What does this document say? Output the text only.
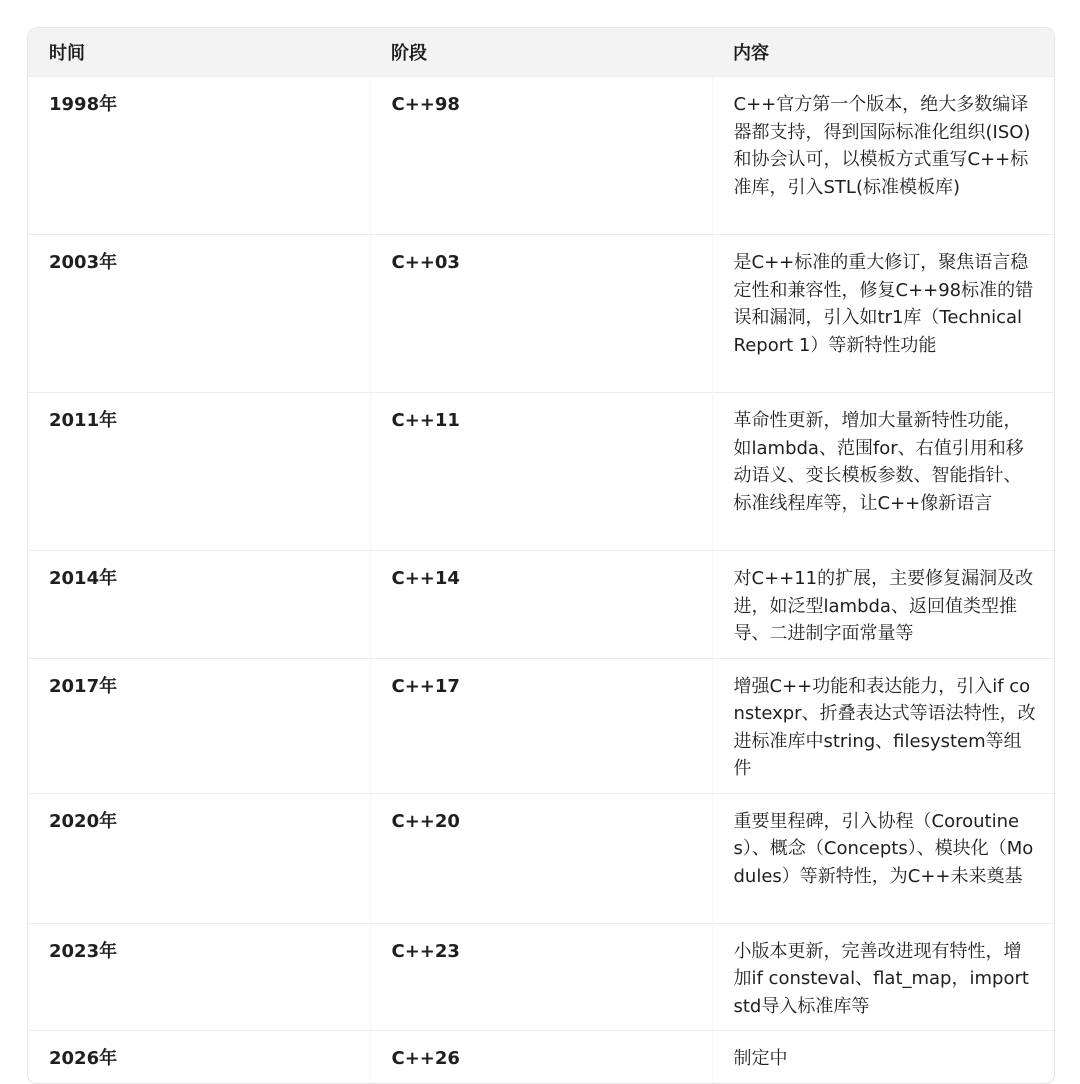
时间	阶段	内容
1998年	C++98	C++官方第一个版本，绝大多数编译器都支持，得到国际标准化组织(ISO)和协会认可，以模板方式重写C++标准库，引入STL(标准模板库)
2003年	C++03	是C++标准的重大修订，聚焦语言稳定性和兼容性，修复C++98标准的错误和漏洞，引入如tr1库（Technical Report 1）等新特性功能
2011年	C++11	革命性更新，增加大量新特性功能，如lambda、范围for、右值引用和移动语义、变长模板参数、智能指针、标准线程库等，让C++像新语言
2014年	C++14	对C++11的扩展，主要修复漏洞及改进，如泛型lambda、返回值类型推导、二进制字面常量等
2017年	C++17	增强C++功能和表达能力，引入if constexpr、折叠表达式等语法特性，改进标准库中string、filesystem等组件
2020年	C++20	重要里程碑，引入协程（Coroutines）、概念（Concepts）、模块化（Modules）等新特性，为C++未来奠基
2023年	C++23	小版本更新，完善改进现有特性，增加if consteval、flat_map，import std导入标准库等
2026年	C++26	制定中
